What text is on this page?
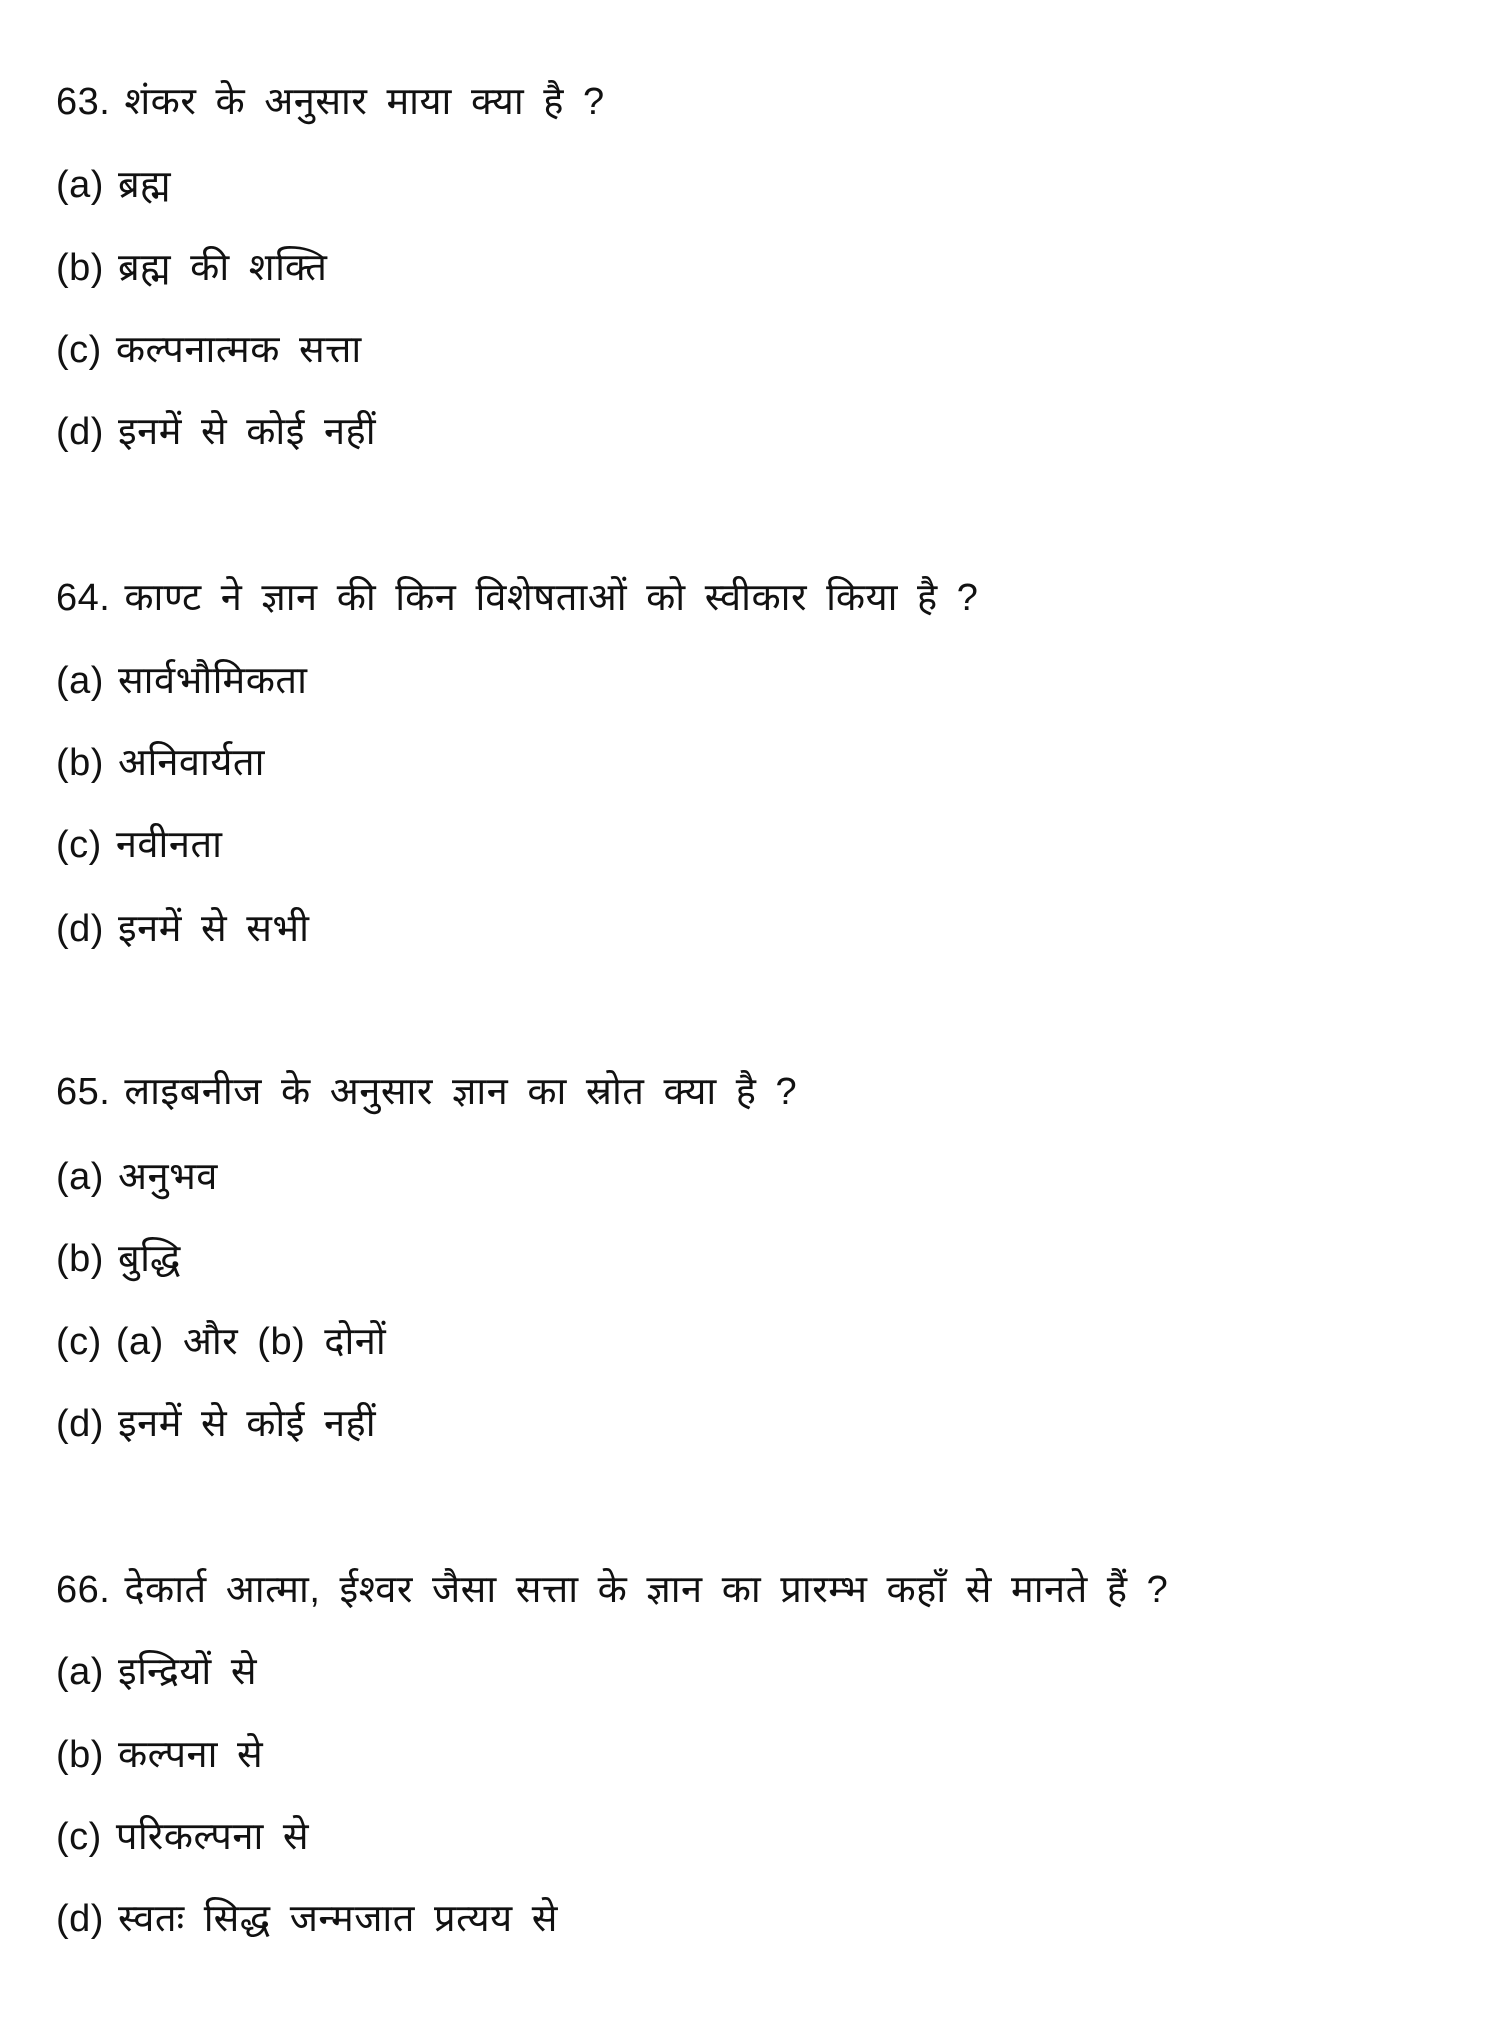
63. शंकर के अनुसार माया क्या है ?
(a) ब्रह्म
(b) ब्रह्म की शक्ति
(c) कल्पनात्मक सत्ता
(d) इनमें से कोई नहीं
64. काण्ट ने ज्ञान की किन विशेषताओं को स्वीकार किया है ?
(a) सार्वभौमिकता
(b) अनिवार्यता
(c) नवीनता
(d) इनमें से सभी
65. लाइबनीज के अनुसार ज्ञान का स्रोत क्या है ?
(a) अनुभव
(b) बुद्धि
(c) (a) और (b) दोनों
(d) इनमें से कोई नहीं
66. देकार्त आत्मा, ईश्वर जैसा सत्ता के ज्ञान का प्रारम्भ कहाँ से मानते हैं ?
(a) इन्द्रियों से
(b) कल्पना से
(c) परिकल्पना से
(d) स्वतः सिद्ध जन्मजात प्रत्यय से
